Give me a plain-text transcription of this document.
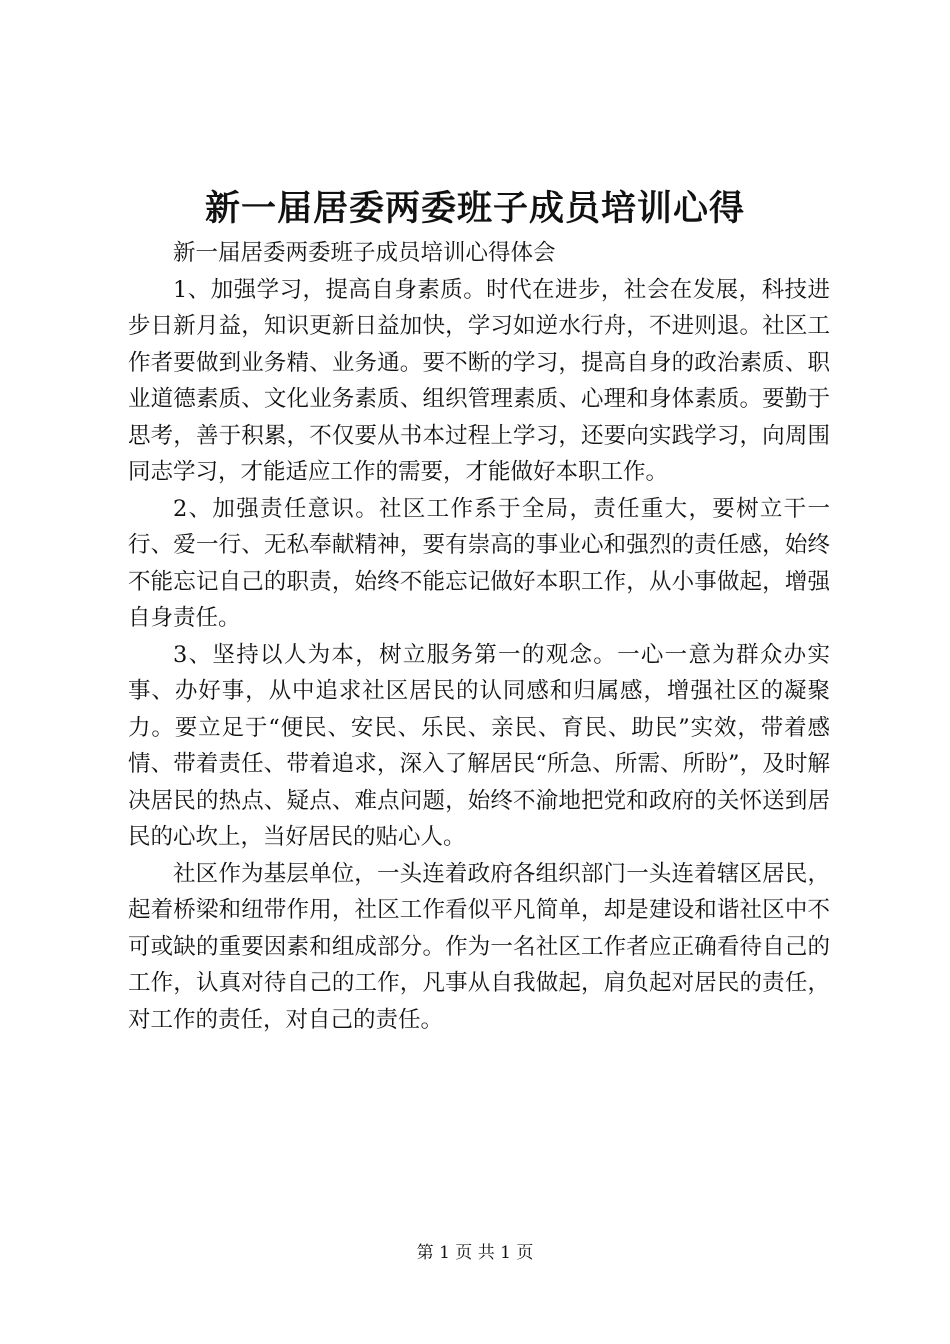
新一届居委两委班子成员培训心得

新一届居委两委班子成员培训心得体会

1、加强学习，提高自身素质。时代在进步，社会在发展，科技进步日新月益，知识更新日益加快，学习如逆水行舟，不进则退。社区工作者要做到业务精、业务通。要不断的学习，提高自身的政治素质、职业道德素质、文化业务素质、组织管理素质、心理和身体素质。要勤于思考，善于积累，不仅要从书本过程上学习，还要向实践学习，向周围同志学习，才能适应工作的需要，才能做好本职工作。

2、加强责任意识。社区工作系于全局，责任重大，要树立干一行、爱一行、无私奉献精神，要有崇高的事业心和强烈的责任感，始终不能忘记自己的职责，始终不能忘记做好本职工作，从小事做起，增强自身责任。

3、坚持以人为本，树立服务第一的观念。一心一意为群众办实事、办好事，从中追求社区居民的认同感和归属感，增强社区的凝聚力。要立足于“便民、安民、乐民、亲民、育民、助民”实效，带着感情、带着责任、带着追求，深入了解居民“所急、所需、所盼”，及时解决居民的热点、疑点、难点问题，始终不渝地把党和政府的关怀送到居民的心坎上，当好居民的贴心人。

社区作为基层单位，一头连着政府各组织部门一头连着辖区居民，起着桥梁和纽带作用，社区工作看似平凡简单，却是建设和谐社区中不可或缺的重要因素和组成部分。作为一名社区工作者应正确看待自己的工作，认真对待自己的工作，凡事从自我做起，肩负起对居民的责任，对工作的责任，对自己的责任。

第 1 页 共 1 页
